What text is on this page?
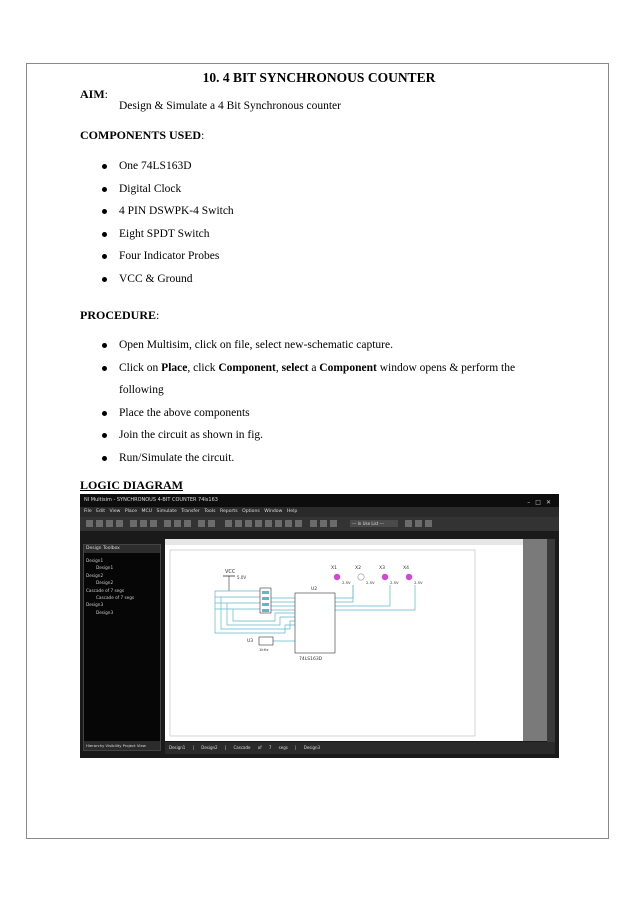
10. 4 BIT SYNCHRONOUS COUNTER
AIM:
Design & Simulate a 4 Bit Synchronous counter
COMPONENTS USED:
One 74LS163D
Digital Clock
4 PIN DSWPK-4 Switch
Eight SPDT Switch
Four Indicator Probes
VCC & Ground
PROCEDURE:
Open Multisim, click on file, select new-schematic capture.
Click on Place, click Component, select a Component window opens & perform the following
Place the above components
Join the circuit as shown in fig.
Run/Simulate the circuit.
LOGIC DIAGRAM
NI Multisim - SYNCHRONOUS 4-BIT COUNTER 74ls163	–□✕
File Edit View Place MCU Simulate Transfer Tools Reports Options Window Help
--- In Use List ---
Design Toolbox
Design1
Design1
Design2
Design2
Cascade of 7 segs
Cascade of 7 segs
Design3
Design3
Hierarchy Visibility Project View
VCC
5.0V
U2
74LS163D
U3
1kHz
X1	X2	X3	X4
2.5V	2.5V	2.5V	2.5V
Design1 | Design2 | Cascade of 7 segs | Design3
